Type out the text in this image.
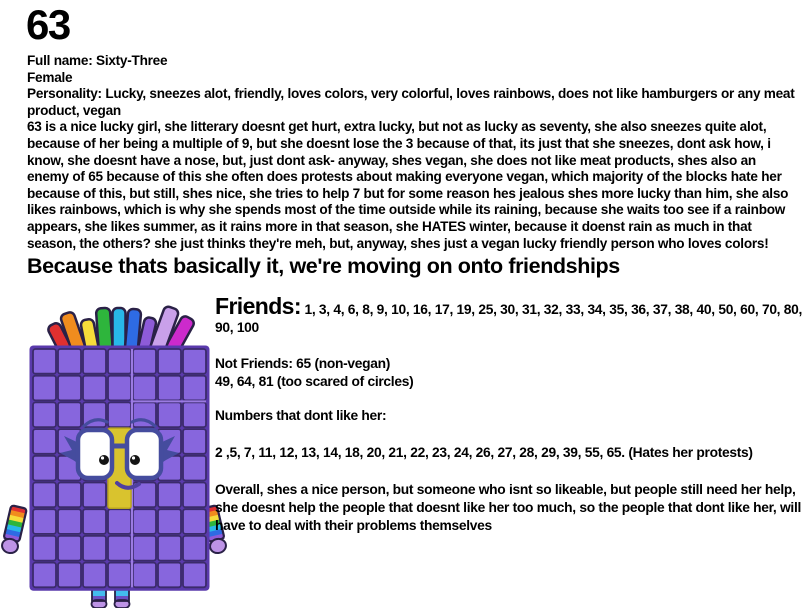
63
Full name: Sixty-Three
Female
Personality: Lucky, sneezes alot, friendly, loves colors, very colorful, loves rainbows, does not like hamburgers or any meat product, vegan
63 is a nice lucky girl, she litterary doesnt get hurt, extra lucky, but not as lucky as seventy, she also sneezes quite alot, because of her being a multiple of 9, but she doesnt lose the 3 because of that, its just that she sneezes, dont ask how, i know, she doesnt have a nose, but, just dont ask- anyway, shes vegan, she does not like meat products, shes also an enemy of 65 because of this she often does protests about making everyone vegan, which majority of the blocks hate her because of this, but still, shes nice, she tries to help 7 but for some reason hes jealous shes more lucky than him, she also likes rainbows, which is why she spends most of the time outside while its raining, because she waits too see if a rainbow appears, she likes summer, as it rains more in that season, she HATES winter, because it doenst rain as much in that season, the others? she just thinks they're meh, but, anyway, shes just a vegan lucky friendly person who loves colors!
Because thats basically it, we're moving on onto friendships

Friends: 1, 3, 4, 6, 8, 9, 10, 16, 17, 19, 25, 30, 31, 32, 33, 34, 35, 36, 37, 38, 40, 50, 60, 70, 80, 90, 100

Not Friends: 65 (non-vegan)
49, 64, 81 (too scared of circles)

Numbers that dont like her:

2 ,5, 7, 11, 12, 13, 14, 18, 20, 21, 22, 23, 24, 26, 27, 28, 29, 39, 55, 65. (Hates her protests)

Overall, shes a nice person, but someone who isnt so likeable, but people still need her help, she doesnt help the people that doesnt like her too much, so the people that dont like her, will have to deal with their problems themselves
